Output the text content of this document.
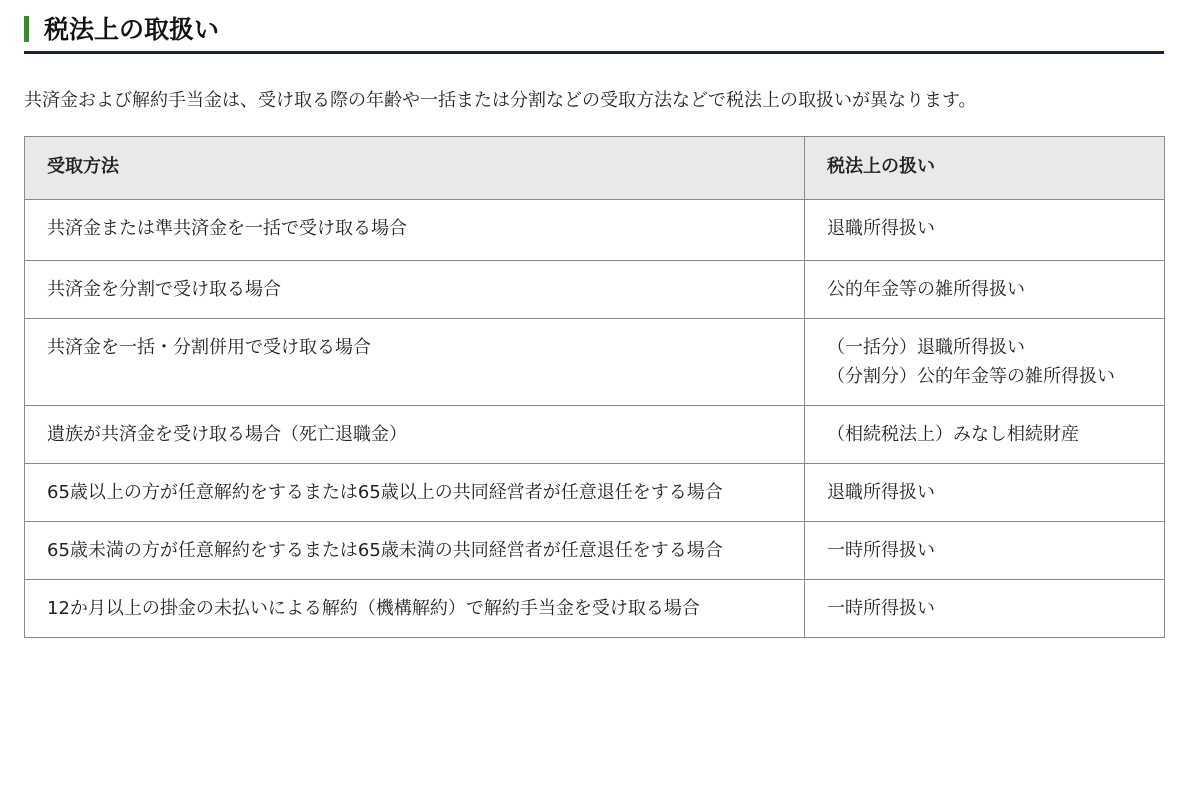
税法上の取扱い

共済金および解約手当金は、受け取る際の年齢や一括または分割などの受取方法などで税法上の取扱いが異なります。

受取方法	税法上の扱い
共済金または準共済金を一括で受け取る場合	退職所得扱い

共済金を分割で受け取る場合	公的年金等の雑所得扱い

共済金を一括・分割併用で受け取る場合	（一括分）退職所得扱い
（分割分）公的年金等の雑所得扱い

遺族が共済金を受け取る場合（死亡退職金）	（相続税法上）みなし相続財産

65歳以上の方が任意解約をするまたは65歳以上の共同経営者が任意退任をする場合	退職所得扱い

65歳未満の方が任意解約をするまたは65歳未満の共同経営者が任意退任をする場合	一時所得扱い

12か月以上の掛金の未払いによる解約（機構解約）で解約手当金を受け取る場合	一時所得扱い
